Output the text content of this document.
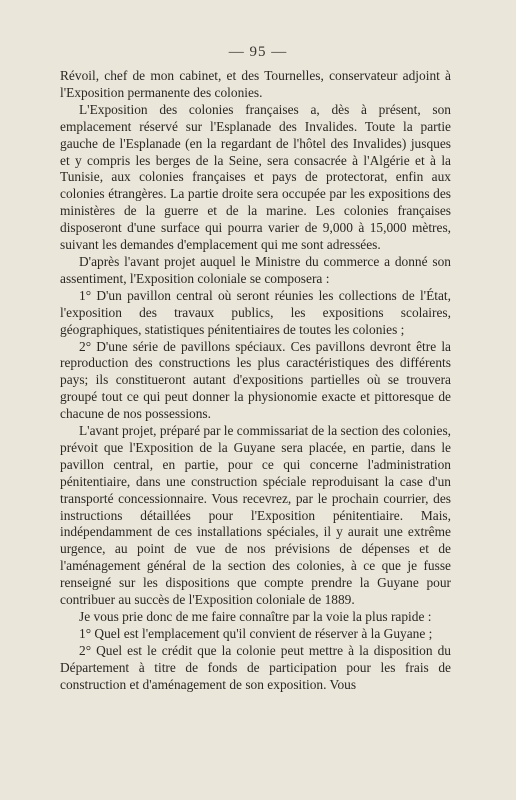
— 95 —

Révoil, chef de mon cabinet, et des Tournelles, conservateur adjoint à l'Exposition permanente des colonies.

L'Exposition des colonies françaises a, dès à présent, son emplacement réservé sur l'Esplanade des Invalides. Toute la partie gauche de l'Esplanade (en la regardant de l'hôtel des Invalides) jusques et y compris les berges de la Seine, sera consacrée à l'Algérie et à la Tunisie, aux colonies françaises et pays de protectorat, enfin aux colonies étrangères. La partie droite sera occupée par les expositions des ministères de la guerre et de la marine. Les colonies françaises disposeront d'une surface qui pourra varier de 9,000 à 15,000 mètres, suivant les demandes d'emplacement qui me sont adressées.

D'après l'avant projet auquel le Ministre du commerce a donné son assentiment, l'Exposition coloniale se composera :

1° D'un pavillon central où seront réunies les collections de l'État, l'exposition des travaux publics, les expositions scolaires, géographiques, statistiques pénitentiaires de toutes les colonies ;

2° D'une série de pavillons spéciaux. Ces pavillons devront être la reproduction des constructions les plus caractéristiques des différents pays; ils constitueront autant d'expositions partielles où se trouvera groupé tout ce qui peut donner la physionomie exacte et pittoresque de chacune de nos possessions.

L'avant projet, préparé par le commissariat de la section des colonies, prévoit que l'Exposition de la Guyane sera placée, en partie, dans le pavillon central, en partie, pour ce qui concerne l'administration pénitentiaire, dans une construction spéciale reproduisant la case d'un transporté concessionnaire. Vous recevrez, par le prochain courrier, des instructions détaillées pour l'Exposition pénitentiaire. Mais, indépendamment de ces installations spéciales, il y aurait une extrême urgence, au point de vue de nos prévisions de dépenses et de l'aménagement général de la section des colonies, à ce que je fusse renseigné sur les dispositions que compte prendre la Guyane pour contribuer au succès de l'Exposition coloniale de 1889.

Je vous prie donc de me faire connaître par la voie la plus rapide :

1° Quel est l'emplacement qu'il convient de réserver à la Guyane ;

2° Quel est le crédit que la colonie peut mettre à la disposition du Département à titre de fonds de participation pour les frais de construction et d'aménagement de son exposition. Vous
